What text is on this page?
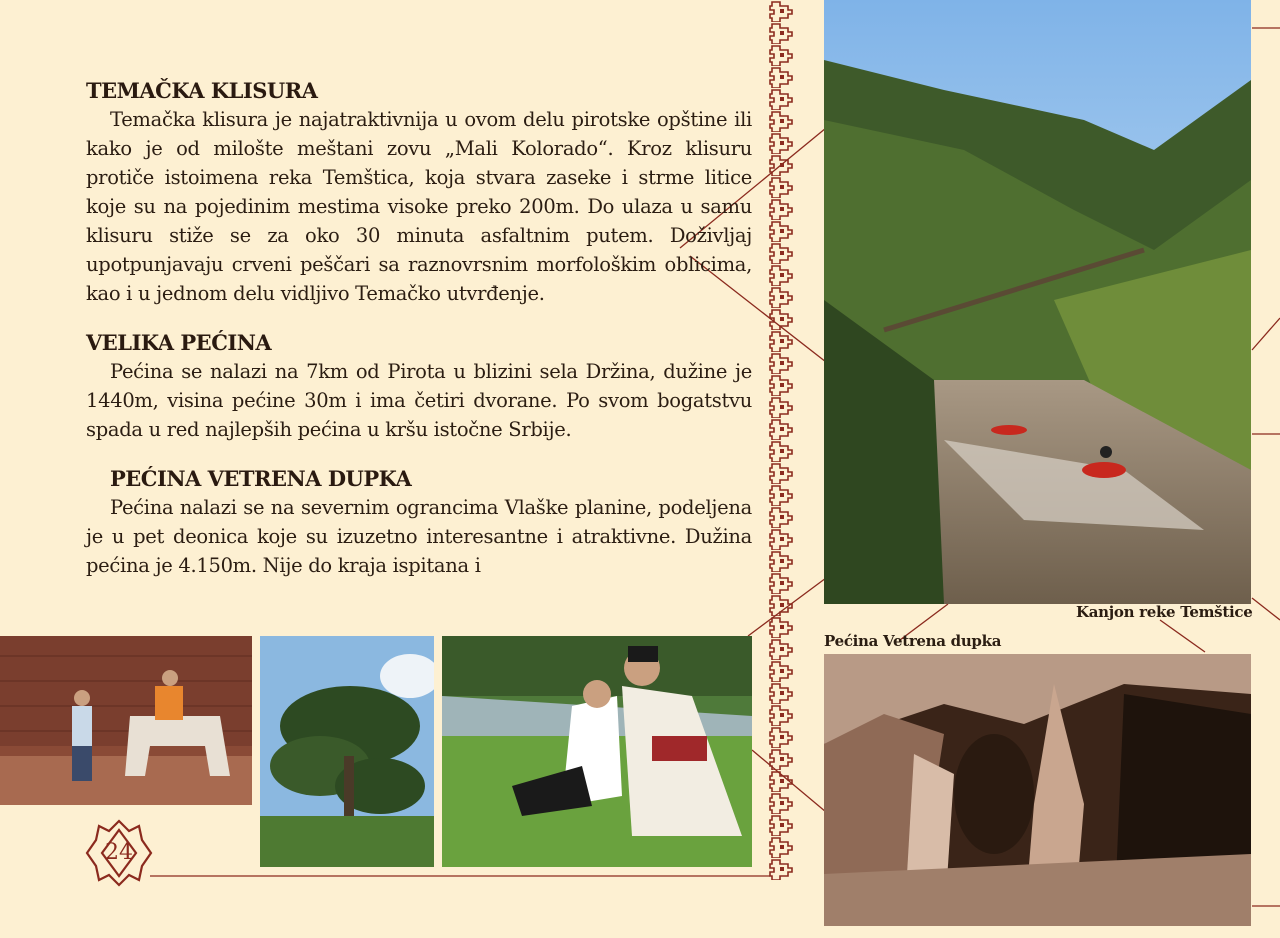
TEMAČKA KLISURA

Temačka klisura je najatraktivnija u ovom delu pirotske opštine ili kako je od milošte meštani zovu „Mali Kolorado“. Kroz klisuru protiče istoimena reka Temštica, koja stvara zaseke i strme litice koje su na pojedinim mestima visoke preko 200m. Do ulaza u samu klisuru stiže se za oko 30 minuta asfaltnim putem. Doživljaj upotpunjavaju crveni peščari sa raznovrsnim morfološkim oblicima, kao i u jednom delu vidljivo Temačko utvrđenje.

VELIKA PEĆINA

Pećina se nalazi na 7km od Pirota u blizini sela Držina, dužine je 1440m, visina pećine 30m i ima četiri dvorane. Po svom bogatstvu spada u red najlepših pećina u kršu istočne Srbije.

PEĆINA VETRENA DUPKA

Pećina nalazi se na severnim ograncima Vlaške planine, podeljena je u pet deonica koje su izuzetno interesantne i atraktivne. Dužina pećina je 4.150m. Nije do kraja ispitana i

Kanjon reke Temštice
Pećina Vetrena dupka
24
